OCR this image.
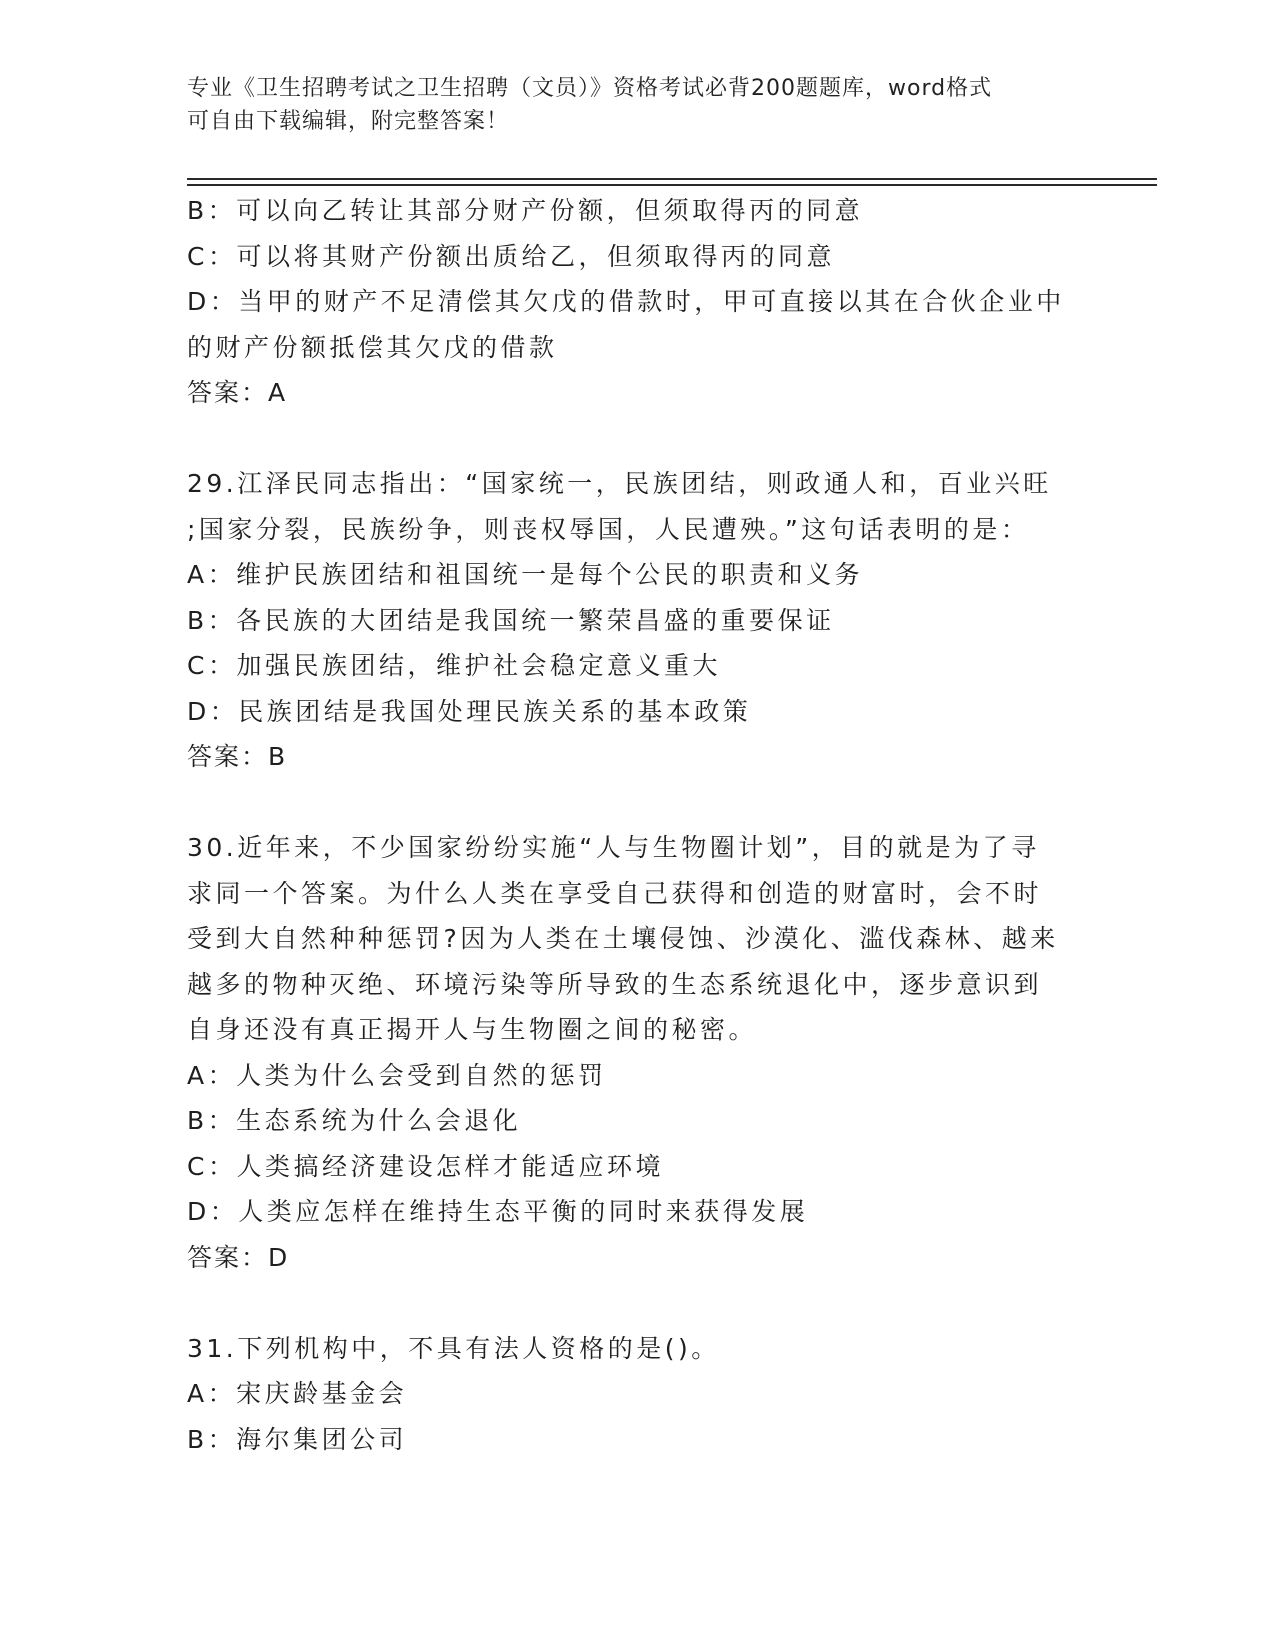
专业《卫生招聘考试之卫生招聘（文员）》资格考试必背200题题库，word格式
可自由下载编辑，附完整答案！
B：可以向乙转让其部分财产份额，但须取得丙的同意
C：可以将其财产份额出质给乙，但须取得丙的同意
D：当甲的财产不足清偿其欠戊的借款时，甲可直接以其在合伙企业中
的财产份额抵偿其欠戊的借款
答案：A
29.江泽民同志指出：“国家统一，民族团结，则政通人和，百业兴旺
;国家分裂，民族纷争，则丧权辱国，人民遭殃。”这句话表明的是：
A：维护民族团结和祖国统一是每个公民的职责和义务
B：各民族的大团结是我国统一繁荣昌盛的重要保证
C：加强民族团结，维护社会稳定意义重大
D：民族团结是我国处理民族关系的基本政策
答案：B
30.近年来，不少国家纷纷实施“人与生物圈计划”，目的就是为了寻
求同一个答案。为什么人类在享受自己获得和创造的财富时，会不时
受到大自然种种惩罚?因为人类在土壤侵蚀、沙漠化、滥伐森林、越来
越多的物种灭绝、环境污染等所导致的生态系统退化中，逐步意识到
自身还没有真正揭开人与生物圈之间的秘密。
A：人类为什么会受到自然的惩罚
B：生态系统为什么会退化
C：人类搞经济建设怎样才能适应环境
D：人类应怎样在维持生态平衡的同时来获得发展
答案：D
31.下列机构中，不具有法人资格的是()。
A：宋庆龄基金会
B：海尔集团公司
